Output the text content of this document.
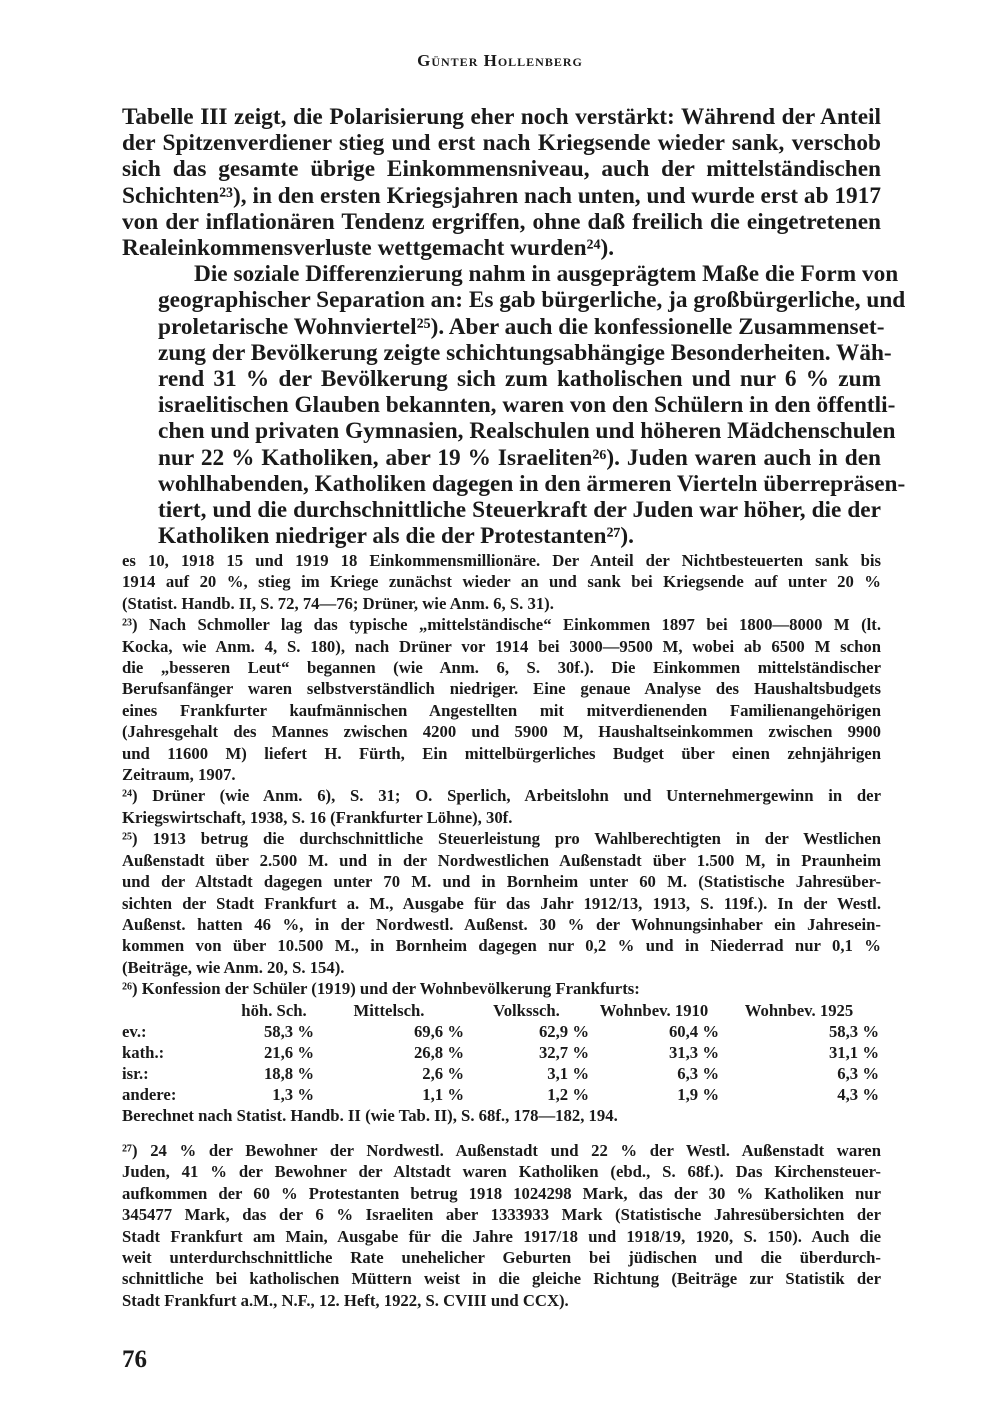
Günter Hollenberg

Tabelle III zeigt, die Polarisierung eher noch verstärkt: Während der Anteil
der Spitzenverdiener stieg und erst nach Kriegsende wieder sank, verschob
sich das gesamte übrige Einkommensniveau, auch der mittelständischen
Schichten²³), in den ersten Kriegsjahren nach unten, und wurde erst ab 1917
von der inflationären Tendenz ergriffen, ohne daß freilich die eingetretenen
Realeinkommensverluste wettgemacht wurden²⁴).

Die soziale Differenzierung nahm in ausgeprägtem Maße die Form von
geographischer Separation an: Es gab bürgerliche, ja großbürgerliche, und
proletarische Wohnviertel²⁵). Aber auch die konfessionelle Zusammenset-
zung der Bevölkerung zeigte schichtungsabhängige Besonderheiten. Wäh-
rend 31 % der Bevölkerung sich zum katholischen und nur 6 % zum
israelitischen Glauben bekannten, waren von den Schülern in den öffentli-
chen und privaten Gymnasien, Realschulen und höheren Mädchenschulen
nur 22 % Katholiken, aber 19 % Israeliten²⁶). Juden waren auch in den
wohlhabenden, Katholiken dagegen in den ärmeren Vierteln überrepräsen-
tiert, und die durchschnittliche Steuerkraft der Juden war höher, die der
Katholiken niedriger als die der Protestanten²⁷).

es 10, 1918 15 und 1919 18 Einkommensmillionäre. Der Anteil der Nichtbesteuerten sank bis
1914 auf 20 %, stieg im Kriege zunächst wieder an und sank bei Kriegsende auf unter 20 %
(Statist. Handb. II, S. 72, 74—76; Drüner, wie Anm. 6, S. 31).
²³) Nach Schmoller lag das typische „mittelständische“ Einkommen 1897 bei 1800—8000 M (lt.
Kocka, wie Anm. 4, S. 180), nach Drüner vor 1914 bei 3000—9500 M, wobei ab 6500 M schon
die „besseren Leut“ begannen (wie Anm. 6, S. 30f.). Die Einkommen mittelständischer
Berufsanfänger waren selbstverständlich niedriger. Eine genaue Analyse des Haushaltsbudgets
eines Frankfurter kaufmännischen Angestellten mit mitverdienenden Familienangehörigen
(Jahresgehalt des Mannes zwischen 4200 und 5900 M, Haushaltseinkommen zwischen 9900
und 11600 M) liefert H. Fürth, Ein mittelbürgerliches Budget über einen zehnjährigen
Zeitraum, 1907.
²⁴) Drüner (wie Anm. 6), S. 31; O. Sperlich, Arbeitslohn und Unternehmergewinn in der
Kriegswirtschaft, 1938, S. 16 (Frankfurter Löhne), 30f.
²⁵) 1913 betrug die durchschnittliche Steuerleistung pro Wahlberechtigten in der Westlichen
Außenstadt über 2.500 M. und in der Nordwestlichen Außenstadt über 1.500 M, in Praunheim
und der Altstadt dagegen unter 70 M. und in Bornheim unter 60 M. (Statistische Jahresüber-
sichten der Stadt Frankfurt a. M., Ausgabe für das Jahr 1912/13, 1913, S. 119f.). In der Westl.
Außenst. hatten 46 %, in der Nordwestl. Außenst. 30 % der Wohnungsinhaber ein Jahresein-
kommen von über 10.500 M., in Bornheim dagegen nur 0,2 % und in Niederrad nur 0,1 %
(Beiträge, wie Anm. 20, S. 154).
²⁶) Konfession der Schüler (1919) und der Wohnbevölkerung Frankfurts:
	höh. Sch.	Mittelsch.	Volkssch.	Wohnbev. 1910	Wohnbev. 1925
ev.:	58,3 %	69,6 %	62,9 %	60,4 %	58,3 %
kath.:	21,6 %	26,8 %	32,7 %	31,3 %	31,1 %
isr.:	18,8 %	2,6 %	3,1 %	6,3 %	6,3 %
andere:	1,3 %	1,1 %	1,2 %	1,9 %	4,3 %
Berechnet nach Statist. Handb. II (wie Tab. II), S. 68f., 178—182, 194.
²⁷) 24 % der Bewohner der Nordwestl. Außenstadt und 22 % der Westl. Außenstadt waren
Juden, 41 % der Bewohner der Altstadt waren Katholiken (ebd., S. 68f.). Das Kirchensteuer-
aufkommen der 60 % Protestanten betrug 1918 1024298 Mark, das der 30 % Katholiken nur
345477 Mark, das der 6 % Israeliten aber 1333933 Mark (Statistische Jahresübersichten der
Stadt Frankfurt am Main, Ausgabe für die Jahre 1917/18 und 1918/19, 1920, S. 150). Auch die
weit unterdurchschnittliche Rate unehelicher Geburten bei jüdischen und die überdurch-
schnittliche bei katholischen Müttern weist in die gleiche Richtung (Beiträge zur Statistik der
Stadt Frankfurt a.M., N.F., 12. Heft, 1922, S. CVIII und CCX).
76
